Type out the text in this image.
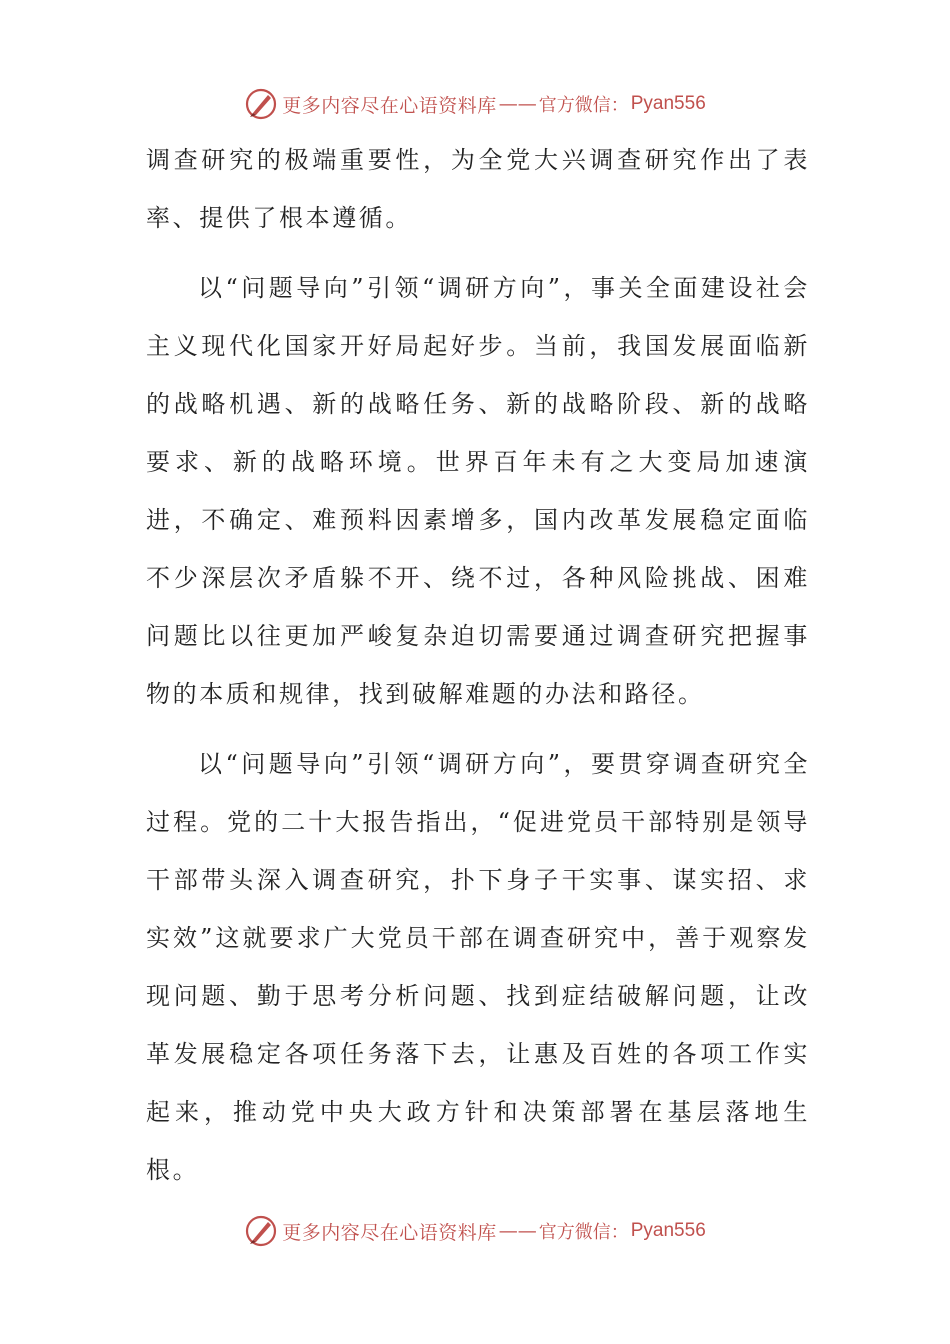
更多内容尽在心语资料库 —— 官方微信： Pyan556

调查研究的极端重要性，为全党大兴调查研究作出了表率、提供了根本遵循。

以“问题导向”引领“调研方向”，事关全面建设社会主义现代化国家开好局起好步。当前，我国发展面临新的战略机遇、新的战略任务、新的战略阶段、新的战略要求、新的战略环境。世界百年未有之大变局加速演进，不确定、难预料因素增多，国内改革发展稳定面临不少深层次矛盾躲不开、绕不过，各种风险挑战、困难问题比以往更加严峻复杂迫切需要通过调查研究把握事物的本质和规律，找到破解难题的办法和路径。

以“问题导向”引领“调研方向”，要贯穿调查研究全过程。党的二十大报告指出，“促进党员干部特别是领导干部带头深入调查研究，扑下身子干实事、谋实招、求实效”这就要求广大党员干部在调查研究中，善于观察发现问题、勤于思考分析问题、找到症结破解问题，让改革发展稳定各项任务落下去，让惠及百姓的各项工作实起来，推动党中央大政方针和决策部署在基层落地生根。

更多内容尽在心语资料库 —— 官方微信： Pyan556
